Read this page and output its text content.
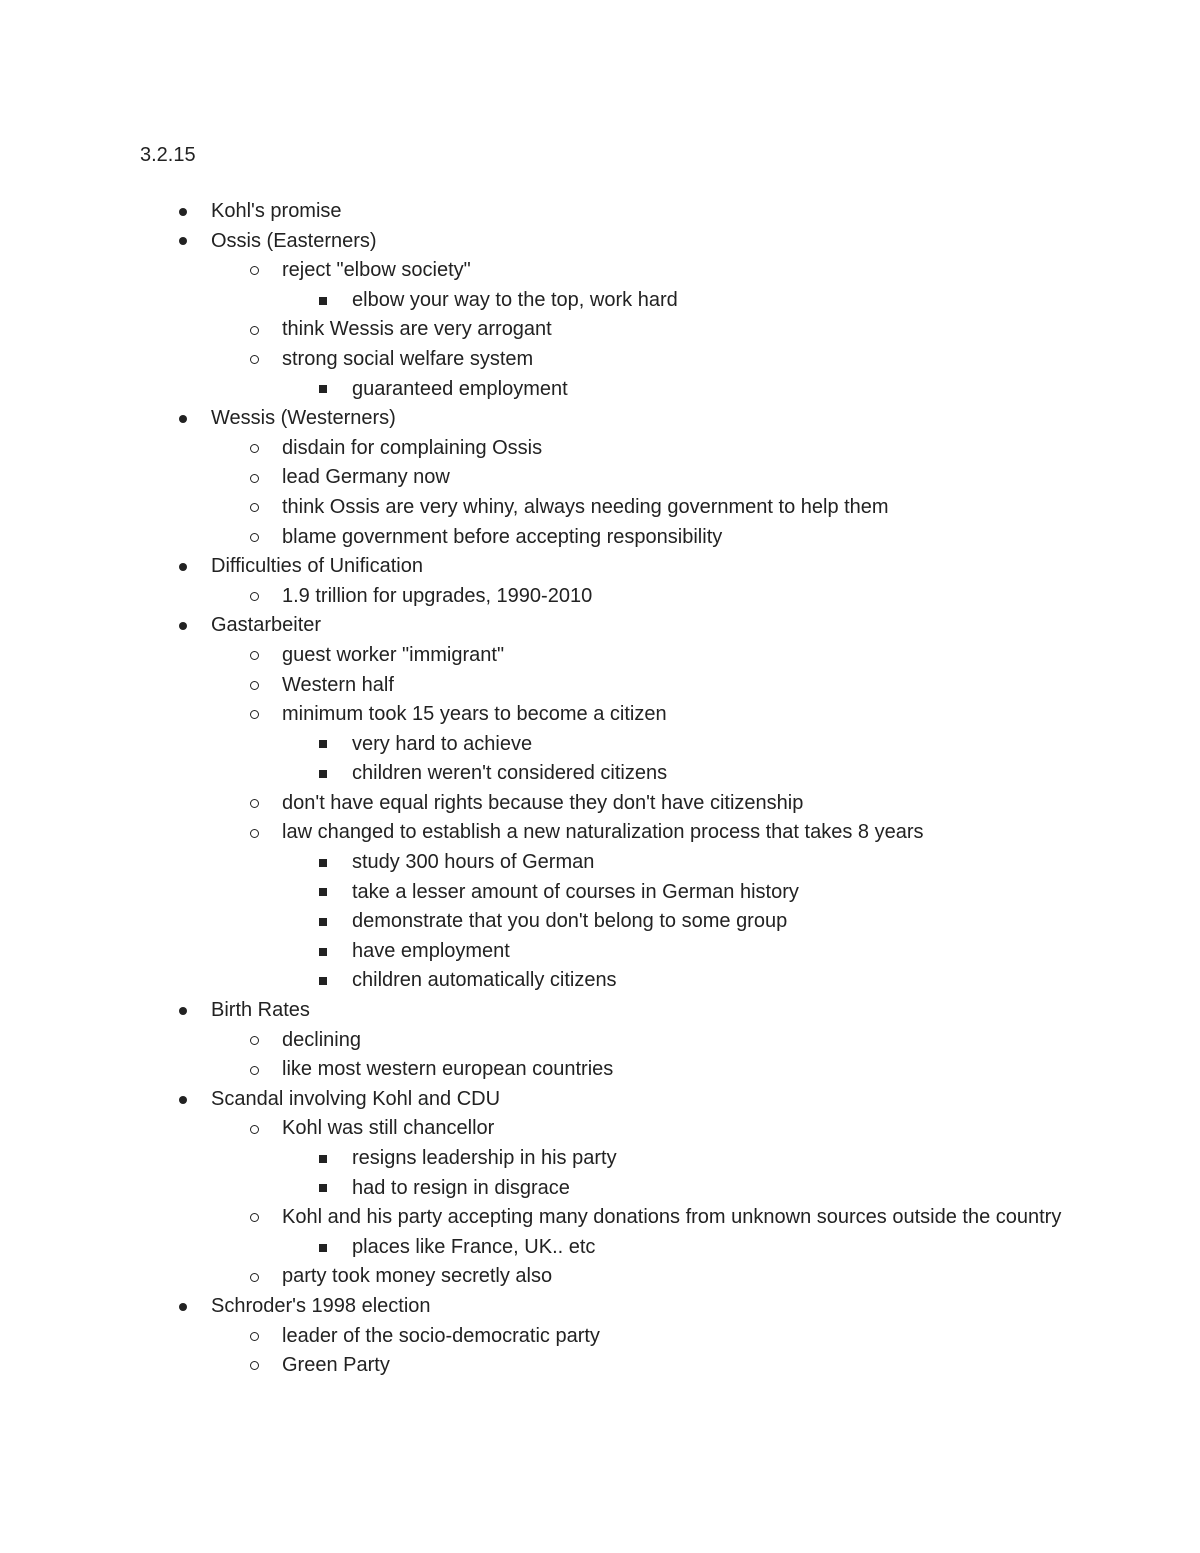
3.2.15
Kohl's promise
Ossis (Easterners)
reject "elbow society"
elbow your way to the top, work hard
think Wessis are very arrogant
strong social welfare system
guaranteed employment
Wessis (Westerners)
disdain for complaining Ossis
lead Germany now
think Ossis are very whiny, always needing government to help them
blame government before accepting responsibility
Difficulties of Unification
1.9 trillion for upgrades, 1990-2010
Gastarbeiter
guest worker "immigrant"
Western half
minimum took 15 years to become a citizen
very hard to achieve
children weren't considered citizens
don't have equal rights because they don't have citizenship
law changed to establish a new naturalization process that takes 8 years
study 300 hours of German
take a lesser amount of courses in German history
demonstrate that you don't belong to some group
have employment
children automatically citizens
Birth Rates
declining
like most western european countries
Scandal involving Kohl and CDU
Kohl was still chancellor
resigns leadership in his party
had to resign in disgrace
Kohl and his party accepting many donations from unknown sources outside the country
places like France, UK.. etc
party took money secretly also
Schroder's 1998 election
leader of the socio-democratic party
Green Party
